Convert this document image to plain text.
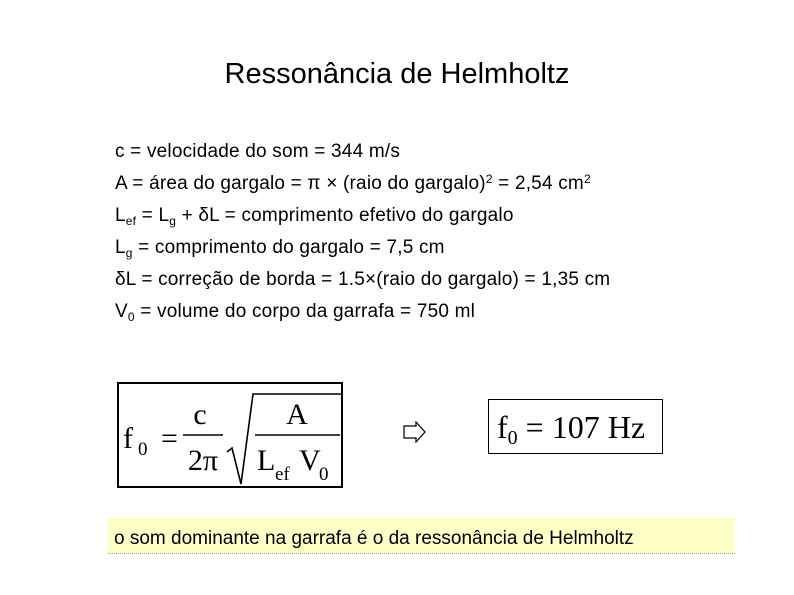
Ressonância de Helmholtz
c = velocidade do som = 344 m/s
A = área do gargalo = π × (raio do gargalo)$^2$ = 2,54 $cm^2$
$L_{ef} = L_g + \delta L$ = comprimento efetivo do gargalo
$L_g$ = comprimento do gargalo = 7,5 cm
δL = correção de borda = 1.5×(raio do gargalo) = 1,35 cm
$V_0$ = volume do corpo da garrafa = 750 ml
f 0 =
c
2π
A
L ef V
0
$f_0 = 107$ Hz
o som dominante na garrafa é o da ressonância de Helmholtz
